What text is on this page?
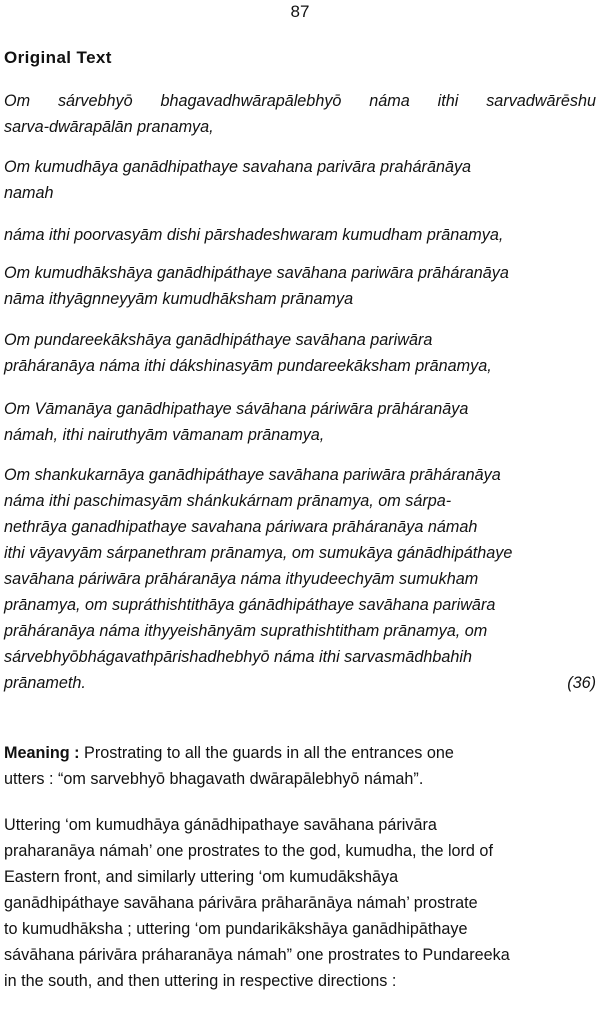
87
Original Text
Om sárvebhyō bhagavadhwārapālebhyō náma ithi sarvadwārēshu
sarva-dwārapālān pranamya,
Om kumudhāya ganādhipathaye savahana parivāra prahárānāya
namah
náma ithi poorvasyām dishi pārshadeshwaram kumudham prānamya,
Om kumudhākshāya ganādhipáthaye savāhana pariwāra prāháranāya
nāma ithyāgnneyyām kumudhāksham prānamya
Om pundareekākshāya ganādhipáthaye savāhana pariwāra
prāháranāya náma ithi dákshinasyām pundareekāksham prānamya,
Om Vāmanāya ganādhipathaye sávāhana páriwāra prāháranāya
námah, ithi nairuthyām vāmanam prānamya,
Om shankukarnāya ganādhipáthaye savāhana pariwāra prāháranāya
náma ithi paschimasyām shánkukárnam prānamya, om sárpa-
nethrāya ganadhipathaye savahana páriwara prāháranāya námah
ithi vāyavyām sárpanethram prānamya, om sumukāya gánādhipáthaye
savāhana páriwāra prāháranāya náma ithyudeechyām sumukham
prānamya, om supráthishtithāya gánādhipáthaye savāhana pariwāra
prāháranāya náma ithyyeishānyām suprathishtitham prānamya, om
sárvebhyōbhágavathpārishadhebhyō náma ithi sarvasmādhbahih
prānameth.	(36)
Meaning : Prostrating to all the guards in all the entrances one
utters : “om sarvebhyō bhagavath dwārapālebhyō námah”.
Uttering ‘om kumudhāya gánādhipathaye savāhana párivāra
praharanāya námah’ one prostrates to the god, kumudha, the lord of
Eastern front, and similarly uttering ‘om kumudākshāya
ganādhipáthaye savāhana párivāra prāharānāya námah’ prostrate
to kumudhāksha ; uttering ‘om pundarikākshāya ganādhipāthaye
sávāhana párivāra práharanāya námah” one prostrates to Pundareeka
in the south, and then uttering in respective directions :
